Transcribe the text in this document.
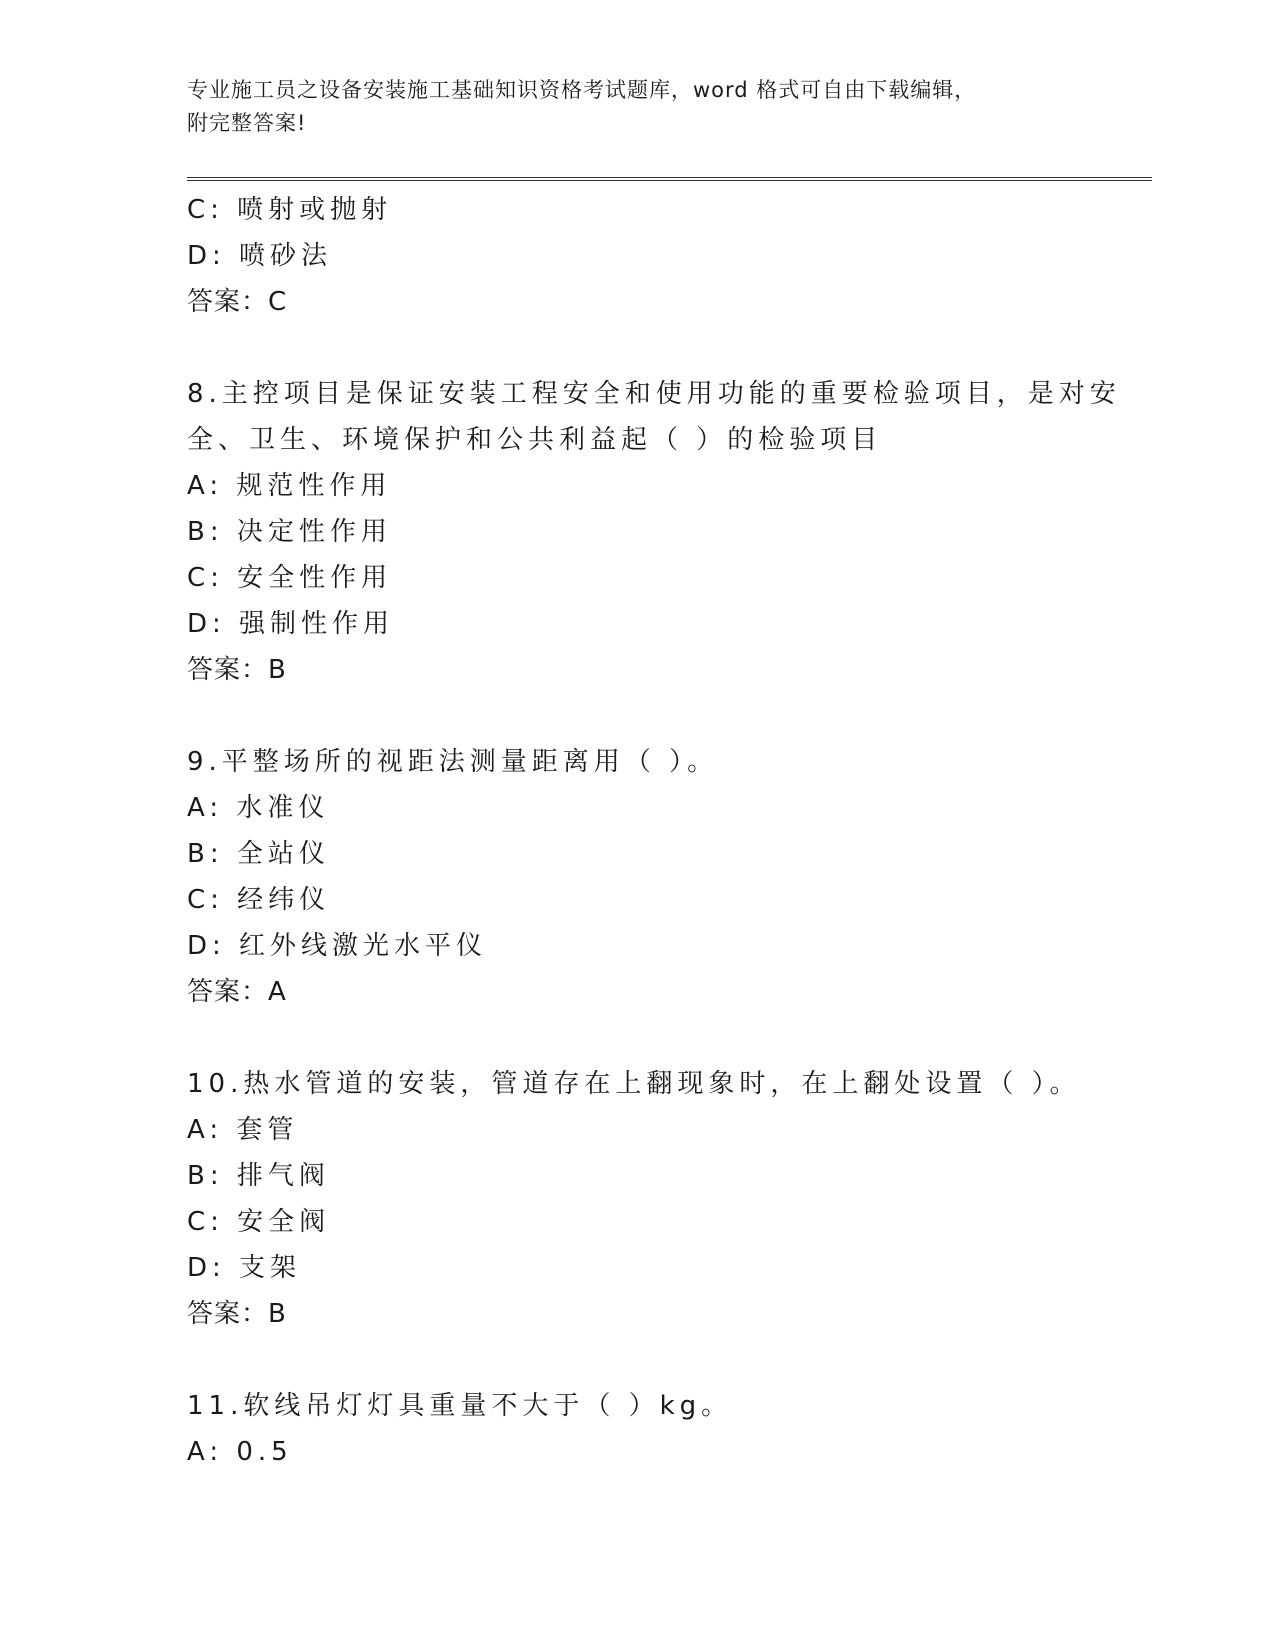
专业施工员之设备安装施工基础知识资格考试题库，word 格式可自由下载编辑，
附完整答案!
C: 喷射或抛射
D: 喷砂法
答案：C
8.主控项目是保证安装工程安全和使用功能的重要检验项目，是对安
全、卫生、环境保护和公共利益起（ ）的检验项目
A: 规范性作用
B: 决定性作用
C: 安全性作用
D: 强制性作用
答案：B
9.平整场所的视距法测量距离用（ ）。
A: 水准仪
B: 全站仪
C: 经纬仪
D: 红外线激光水平仪
答案：A
10.热水管道的安装，管道存在上翻现象时，在上翻处设置（ ）。
A: 套管
B: 排气阀
C: 安全阀
D: 支架
答案：B
11.软线吊灯灯具重量不大于（ ）kg。
A: 0.5
